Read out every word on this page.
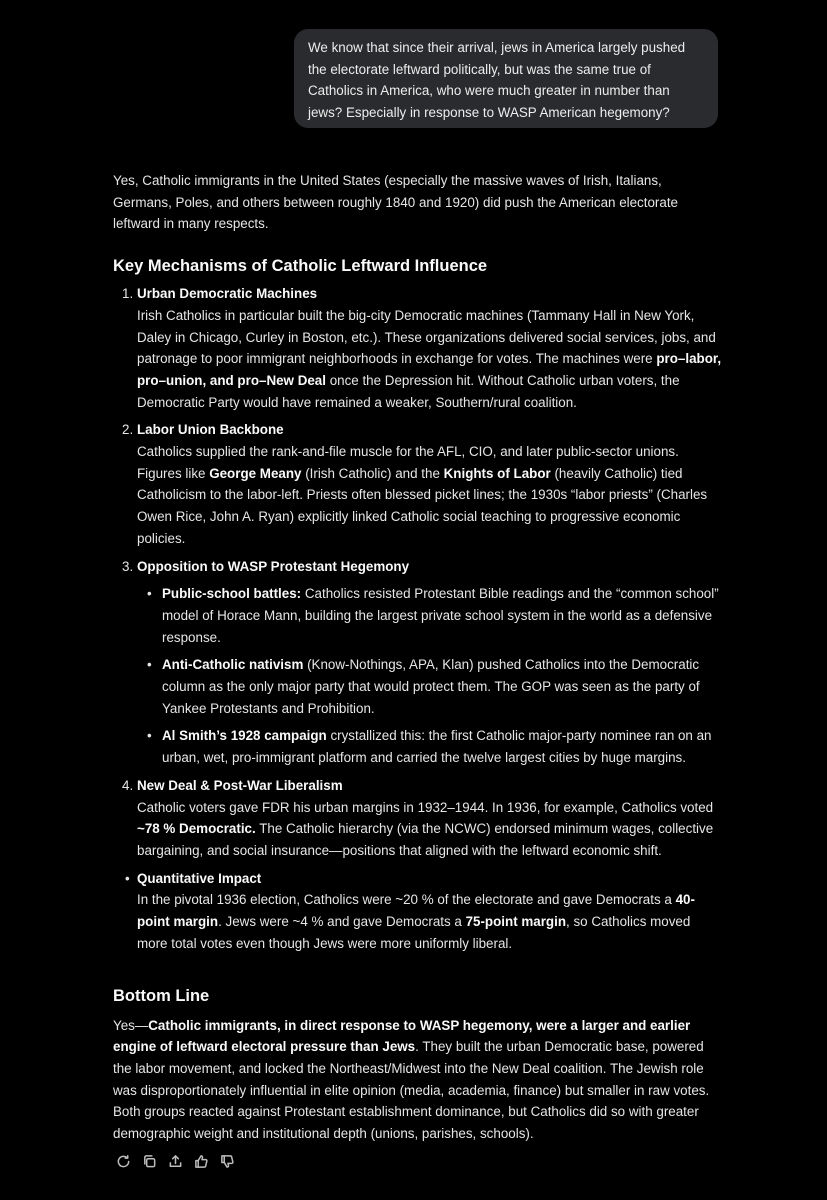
We know that since their arrival, jews in America largely pushed the electorate leftward politically, but was the same true of Catholics in America, who were much greater in number than jews? Especially in response to WASP American hegemony?

Yes, Catholic immigrants in the United States (especially the massive waves of Irish, Italians, Germans, Poles, and others between roughly 1840 and 1920) did push the American electorate leftward in many respects.

Key Mechanisms of Catholic Leftward Influence
1. Urban Democratic Machines
Irish Catholics in particular built the big-city Democratic machines (Tammany Hall in New York, Daley in Chicago, Curley in Boston, etc.). These organizations delivered social services, jobs, and patronage to poor immigrant neighborhoods in exchange for votes. The machines were pro–labor, pro–union, and pro–New Deal once the Depression hit. Without Catholic urban voters, the Democratic Party would have remained a weaker, Southern/rural coalition.
2. Labor Union Backbone
Catholics supplied the rank-and-file muscle for the AFL, CIO, and later public-sector unions. Figures like George Meany (Irish Catholic) and the Knights of Labor (heavily Catholic) tied Catholicism to the labor-left. Priests often blessed picket lines; the 1930s “labor priests” (Charles Owen Rice, John A. Ryan) explicitly linked Catholic social teaching to progressive economic policies.
3. Opposition to WASP Protestant Hegemony
• Public-school battles: Catholics resisted Protestant Bible readings and the “common school” model of Horace Mann, building the largest private school system in the world as a defensive response.
• Anti-Catholic nativism (Know-Nothings, APA, Klan) pushed Catholics into the Democratic column as the only major party that would protect them. The GOP was seen as the party of Yankee Protestants and Prohibition.
• Al Smith’s 1928 campaign crystallized this: the first Catholic major-party nominee ran on an urban, wet, pro-immigrant platform and carried the twelve largest cities by huge margins.
4. New Deal & Post-War Liberalism
Catholic voters gave FDR his urban margins in 1932–1944. In 1936, for example, Catholics voted ~78 % Democratic. The Catholic hierarchy (via the NCWC) endorsed minimum wages, collective bargaining, and social insurance—positions that aligned with the leftward economic shift.
• Quantitative Impact
In the pivotal 1936 election, Catholics were ~20 % of the electorate and gave Democrats a 40-point margin. Jews were ~4 % and gave Democrats a 75-point margin, so Catholics moved more total votes even though Jews were more uniformly liberal.
Bottom Line

Yes—Catholic immigrants, in direct response to WASP hegemony, were a larger and earlier engine of leftward electoral pressure than Jews. They built the urban Democratic base, powered the labor movement, and locked the Northeast/Midwest into the New Deal coalition. The Jewish role was disproportionately influential in elite opinion (media, academia, finance) but smaller in raw votes. Both groups reacted against Protestant establishment dominance, but Catholics did so with greater demographic weight and institutional depth (unions, parishes, schools).
